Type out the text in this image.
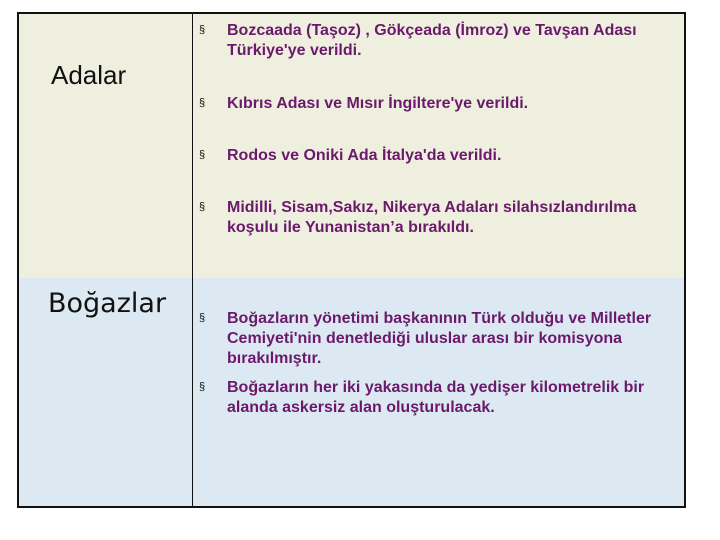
Adalar
§ Bozcaada (Taşoz) , Gökçeada (İmroz) ve Tavşan Adası Türkiye'ye verildi.
§ Kıbrıs Adası ve Mısır İngiltere'ye verildi.
§ Rodos ve Oniki Ada İtalya'da verildi.
§ Midilli, Sisam,Sakız, Nikerya Adaları silahsızlandırılma koşulu ile Yunanistan’a bırakıldı.
Boğazlar	§ Boğazların yönetimi başkanının Türk olduğu ve Milletler Cemiyeti'nin denetlediği uluslar arası bir komisyona bırakılmıştır.
§ Boğazların her iki yakasında da yedişer kilometrelik bir alanda askersiz alan oluşturulacak.
